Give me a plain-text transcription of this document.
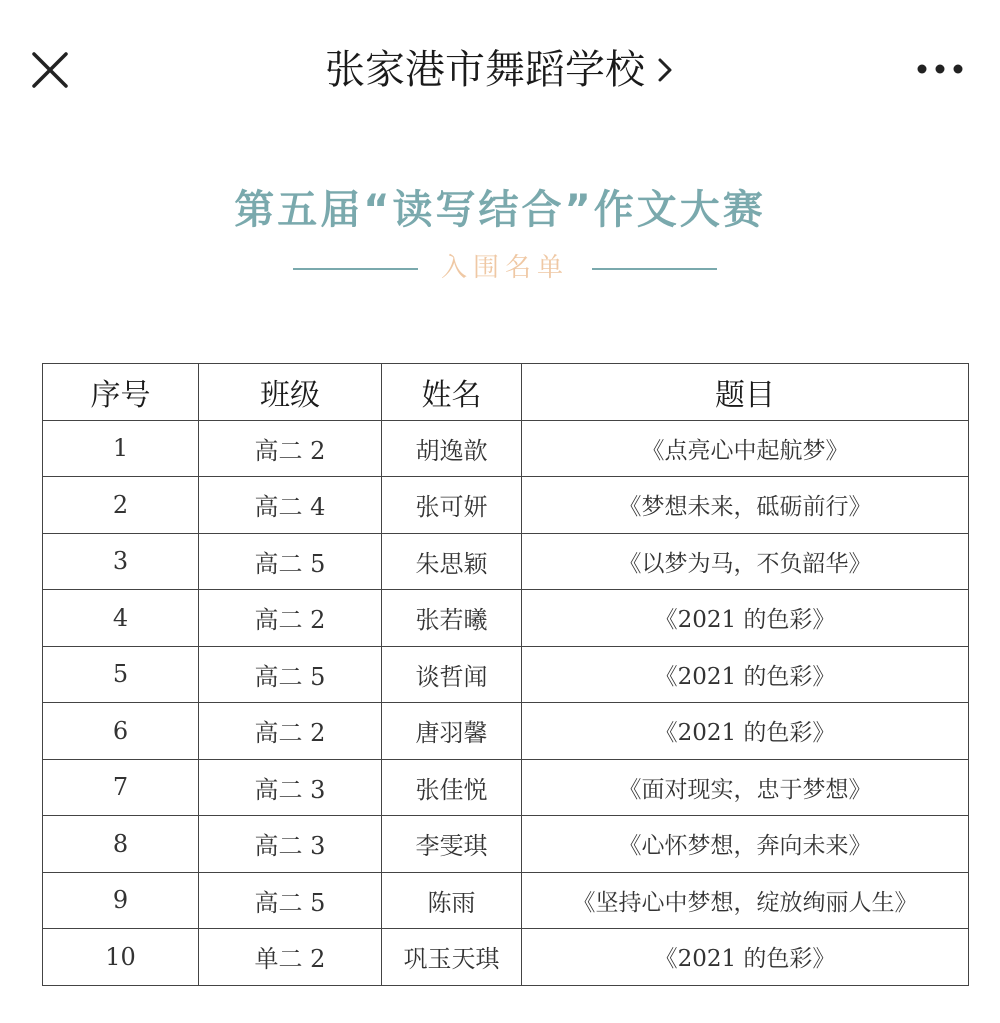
张家港市舞蹈学校
第五届“读写结合”作文大赛
入围名单
序号	班级	姓名	题目
1	高二 2	胡逸歆	《点亮心中起航梦》
2	高二 4	张可妍	《梦想未来，砥砺前行》
3	高二 5	朱思颖	《以梦为马，不负韶华》
4	高二 2	张若曦	《2021 的色彩》
5	高二 5	谈哲闻	《2021 的色彩》
6	高二 2	唐羽馨	《2021 的色彩》
7	高二 3	张佳悦	《面对现实，忠于梦想》
8	高二 3	李雯琪	《心怀梦想，奔向未来》
9	高二 5	陈雨	《坚持心中梦想，绽放绚丽人生》
10	单二 2	巩玉天琪	《2021 的色彩》
